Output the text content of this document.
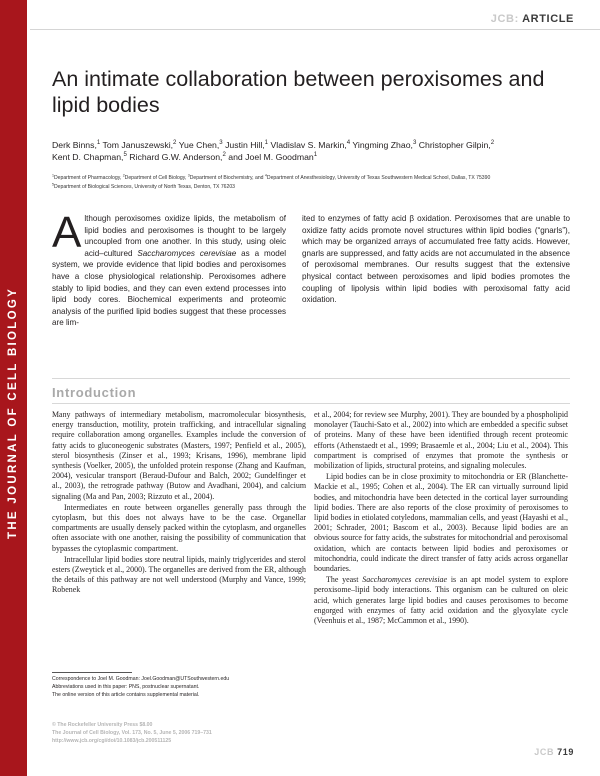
THE JOURNAL OF CELL BIOLOGY
JCB: ARTICLE
An intimate collaboration between peroxisomes and lipid bodies
Derk Binns,$^1$ Tom Januszewski,$^2$ Yue Chen,$^3$ Justin Hill,$^1$ Vladislav S. Markin,$^4$ Yingming Zhao,$^3$ Christopher Gilpin,$^2$
Kent D. Chapman,$^5$ Richard G.W. Anderson,$^2$ and Joel M. Goodman$^1$

$^1$Department of Pharmacology, $^2$Department of Cell Biology, $^3$Department of Biochemistry, and $^4$Department of Anesthesiology, University of Texas Southwestern Medical School, Dallas, TX 75390

$^5$Department of Biological Sciences, University of North Texas, Denton, TX 76203

A lthough peroxisomes oxidize lipids, the metabolism of lipid bodies and peroxisomes is thought to be largely uncoupled from one another. In this study, using oleic acid–cultured Saccharomyces cerevisiae as a model system, we provide evidence that lipid bodies and peroxisomes have a close physiological relationship. Peroxisomes adhere stably to lipid bodies, and they can even extend processes into lipid body cores. Biochemical experiments and proteomic analysis of the purified lipid bodies suggest that these processes are lim-
ited to enzymes of fatty acid β oxidation. Peroxisomes that are unable to oxidize fatty acids promote novel structures within lipid bodies (“gnarls”), which may be organized arrays of accumulated free fatty acids. However, gnarls are suppressed, and fatty acids are not accumulated in the absence of peroxisomal membranes. Our results suggest that the extensive physical contact between peroxisomes and lipid bodies promotes the coupling of lipolysis within lipid bodies with peroxisomal fatty acid oxidation.
Introduction

Many pathways of intermediary metabolism, macromolecular biosynthesis, energy transduction, motility, protein trafficking, and intracellular signaling require collaboration among organelles. Examples include the conversion of fatty acids to gluconeogenic substrates (Masters, 1997; Penfield et al., 2005), sterol biosynthesis (Zinser et al., 1993; Krisans, 1996), membrane lipid synthesis (Voelker, 2005), the unfolded protein response (Zhang and Kaufman, 2004), vesicular transport (Beraud-Dufour and Balch, 2002; Gundelfinger et al., 2003), the retrograde pathway (Butow and Avadhani, 2004), and calcium signaling (Ma and Pan, 2003; Rizzuto et al., 2004).

Intermediates en route between organelles generally pass through the cytoplasm, but this does not always have to be the case. Organellar compartments are usually densely packed within the cytoplasm, and organelles often associate with one another, raising the possibility of communication that bypasses the cytoplasmic compartment.

Intracellular lipid bodies store neutral lipids, mainly triglycerides and sterol esters (Zweytick et al., 2000). The organelles are derived from the ER, although the details of this pathway are not well understood (Murphy and Vance, 1999; Robenek

et al., 2004; for review see Murphy, 2001). They are bounded by a phospholipid monolayer (Tauchi-Sato et al., 2002) into which are embedded a specific subset of proteins. Many of these have been identified through recent proteomic efforts (Athenstaedt et al., 1999; Brasaemle et al., 2004; Liu et al., 2004). This compartment is comprised of enzymes that promote the synthesis or mobilization of lipids, structural proteins, and signaling molecules.

Lipid bodies can be in close proximity to mitochondria or ER (Blanchette-Mackie et al., 1995; Cohen et al., 2004). The ER can virtually surround lipid bodies, and mitochondria have been detected in the cortical layer surrounding lipid bodies. There are also reports of the close proximity of peroxisomes to lipid bodies in etiolated cotyledons, mammalian cells, and yeast (Hayashi et al., 2001; Schrader, 2001; Bascom et al., 2003). Because lipid bodies are an obvious source for fatty acids, the substrates for mitochondrial and peroxisomal oxidation, which are contacts between lipid bodies and peroxisomes or mitochondria, could indicate the direct transfer of fatty acids across organellar boundaries.

The yeast Saccharomyces cerevisiae is an apt model system to explore peroxisome–lipid body interactions. This organism can be cultured on oleic acid, which generates large lipid bodies and causes peroxisomes to become engorged with enzymes of fatty acid oxidation and the glyoxylate cycle (Veenhuis et al., 1987; McCammon et al., 1990).

Correspondence to Joel M. Goodman: Joel.Goodman@UTSouthwestern.edu

Abbreviations used in this paper: PNS, postnuclear supernatant.

The online version of this article contains supplemental material.

© The Rockefeller University Press $8.00

The Journal of Cell Biology, Vol. 173, No. 5, June 5, 2006 719–731

http://www.jcb.org/cgi/doi/10.1083/jcb.200511125

JCB 719
